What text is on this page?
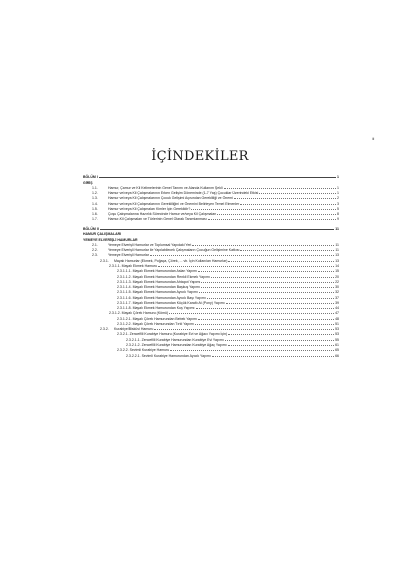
iii
İÇİNDEKİLER
BÖLÜM I	1
GİRİŞ
1.1.	Hamur, Çamur ve Kil Kelimelerinin Genel Tanımı ve Alanda Kullanım Şekli	1
1.2.	Hamur ve/veya Kil Çalışmalarının Erken Gelişim Döneminde (1-7 Yaş) Çocuklar Üzerindeki Etkisi	1
1.3.	Hamur ve/veya Kil Çalışmalarının Çocuk Gelişimi Açısından Gerekliliği ve Önemi	2
1.4.	Hamur ve/veya Kil Çalışmalarının Gerekliliğini ve Önemini Belirleyen Temel Etmenler	3
1.5.	Hamur ve/veya Kil Çalışmaları Kimler İçin Gereklidir?	5
1.6.	Çoşu Çalışmalarına Hazırlık Sürecinde Hamur ve/veya Kil Çalışmaları	8
1.7.	Hamur-Kil Çalışmaları ve Türlerinin Genel Olarak Tanımlanması	9
BÖLÜM II	11
HAMUR ÇALIŞMALARI
YEMEYE ELVERİŞLİ HAMURLAR
2.1.	Yemeye Elverişli Hamurlar ve Toplumsal Yapıdaki Yeri	11
2.2.	Yemeye Elverişli Hamurlar ile Yapılabilecek Çalışmaların Çocuğun Gelişimine Katkısı	11
2.3.	Yemeye Elverişli Hamurlar	13
2.3.1.	Mayalı Hamurlar (Ekmek, Poğaça, Çörek, ... vb. İçin Kullanılan Hamurlar)	13
2.3.1.1. Mayalı Ekmek Hamuru	14
2.3.1.1.1. Mayalı Ekmek Hamurundan Aslan Yapımı	15
2.3.1.1.2. Mayalı Ekmek Hamurundan Renkli Ekmek Yapımı	20
2.3.1.1.3. Mayalı Ekmek Hamurundan Ahtapot Yapımı	22
2.3.1.1.4. Mayalı Ekmek Hamurundan Başkuş Yapımı	30
2.3.1.1.5. Mayalı Ekmek Hamurundan Ayıcık Yapımı	32
2.3.1.1.6. Mayalı Ekmek Hamurundan Ayıcık Başı Yapımı	37
2.3.1.1.7. Mayalı Ekmek Hamurundan Küçük Karaltı At (Pony) Yapımı	39
2.3.1.1.8. Mayalı Ekmek Hamurundan Kuş Yapımı	44
2.3.1.2. Mayalı Çörek Hamuru (Kömü)	47
2.3.1.2.1. Mayalı Çörek Hamurundan Bebek Yapımı	48
2.3.1.2.2. Mayalı Çörek Hamurundan Tırtıl Yapımı	51
2.3.2.	Kurabiye/Bisküvi Hamuru	53
2.3.2.1. Zencefilli Kurabiye Hamuru (Kurabiye Evi ve Ağacı Yapımı İçin)	53
2.3.2.1.1. Zencefilli Kurabiye Hamurundan Kurabiye Evi Yapımı	55
2.3.2.1.2. Zencefilli Kurabiye Hamurundan Kurabiye Ağaç Yapımı	61
2.3.2.2. Sevimli Kurabiye Hamuru	65
2.3.2.2.1. Sevimli Kurabiye Hamurundan Ayıcık Yapımı	66
